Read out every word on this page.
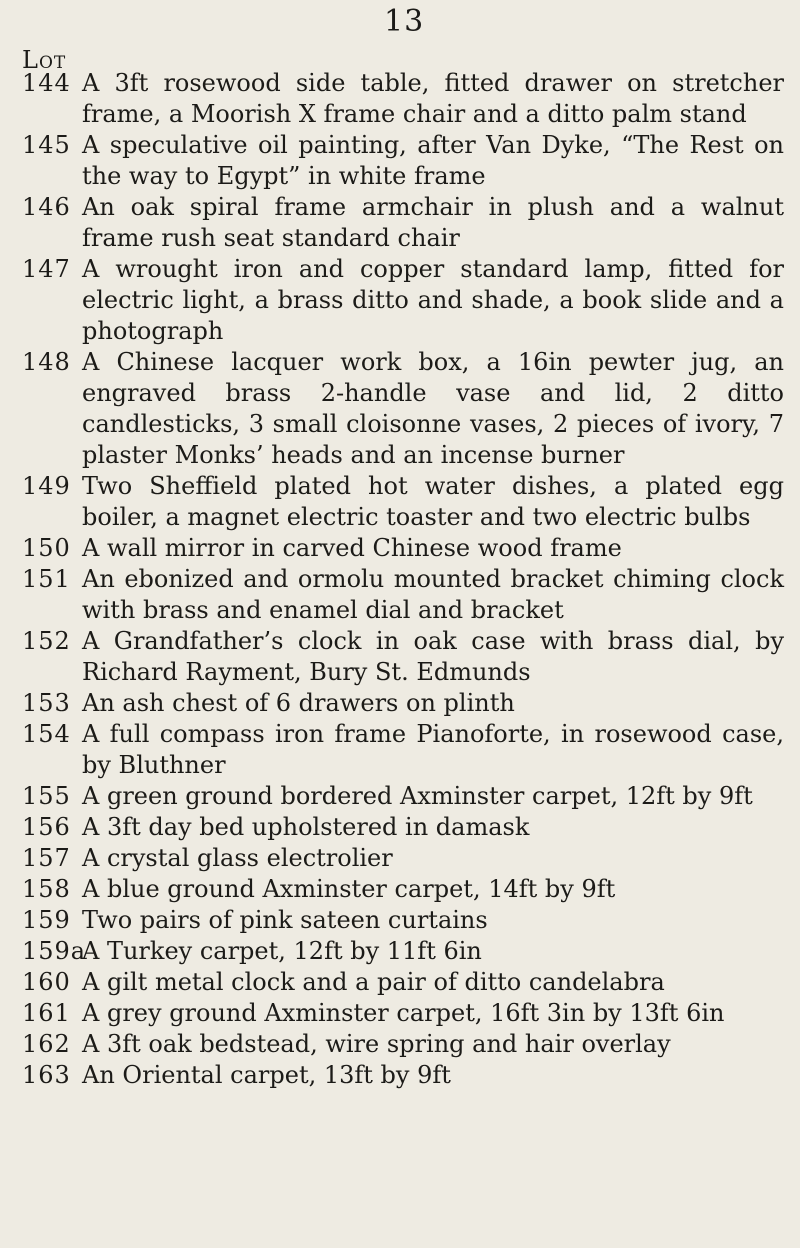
13
Lot
144 A 3ft rosewood side table, fitted drawer on stretcher frame, a Moorish X frame chair and a ditto palm stand
145 A speculative oil painting, after Van Dyke, “The Rest on the way to Egypt” in white frame
146 An oak spiral frame armchair in plush and a walnut frame rush seat standard chair
147 A wrought iron and copper standard lamp, fitted for electric light, a brass ditto and shade, a book slide and a photograph
148 A Chinese lacquer work box, a 16in pewter jug, an engraved brass 2-handle vase and lid, 2 ditto candlesticks, 3 small cloisonne vases, 2 pieces of ivory, 7 plaster Monks’ heads and an incense burner
149 Two Sheffield plated hot water dishes, a plated egg boiler, a magnet electric toaster and two electric bulbs
150 A wall mirror in carved Chinese wood frame
151 An ebonized and ormolu mounted bracket chiming clock with brass and enamel dial and bracket
152 A Grandfather’s clock in oak case with brass dial, by Richard Rayment, Bury St. Edmunds
153 An ash chest of 6 drawers on plinth
154 A full compass iron frame Pianoforte, in rosewood case, by Bluthner
155 A green ground bordered Axminster carpet, 12ft by 9ft
156 A 3ft day bed upholstered in damask
157 A crystal glass electrolier
158 A blue ground Axminster carpet, 14ft by 9ft
159 Two pairs of pink sateen curtains
159a
A Turkey carpet, 12ft by 11ft 6in
160 A gilt metal clock and a pair of ditto candelabra
161 A grey ground Axminster carpet, 16ft 3in by 13ft 6in
162 A 3ft oak bedstead, wire spring and hair overlay
163 An Oriental carpet, 13ft by 9ft
